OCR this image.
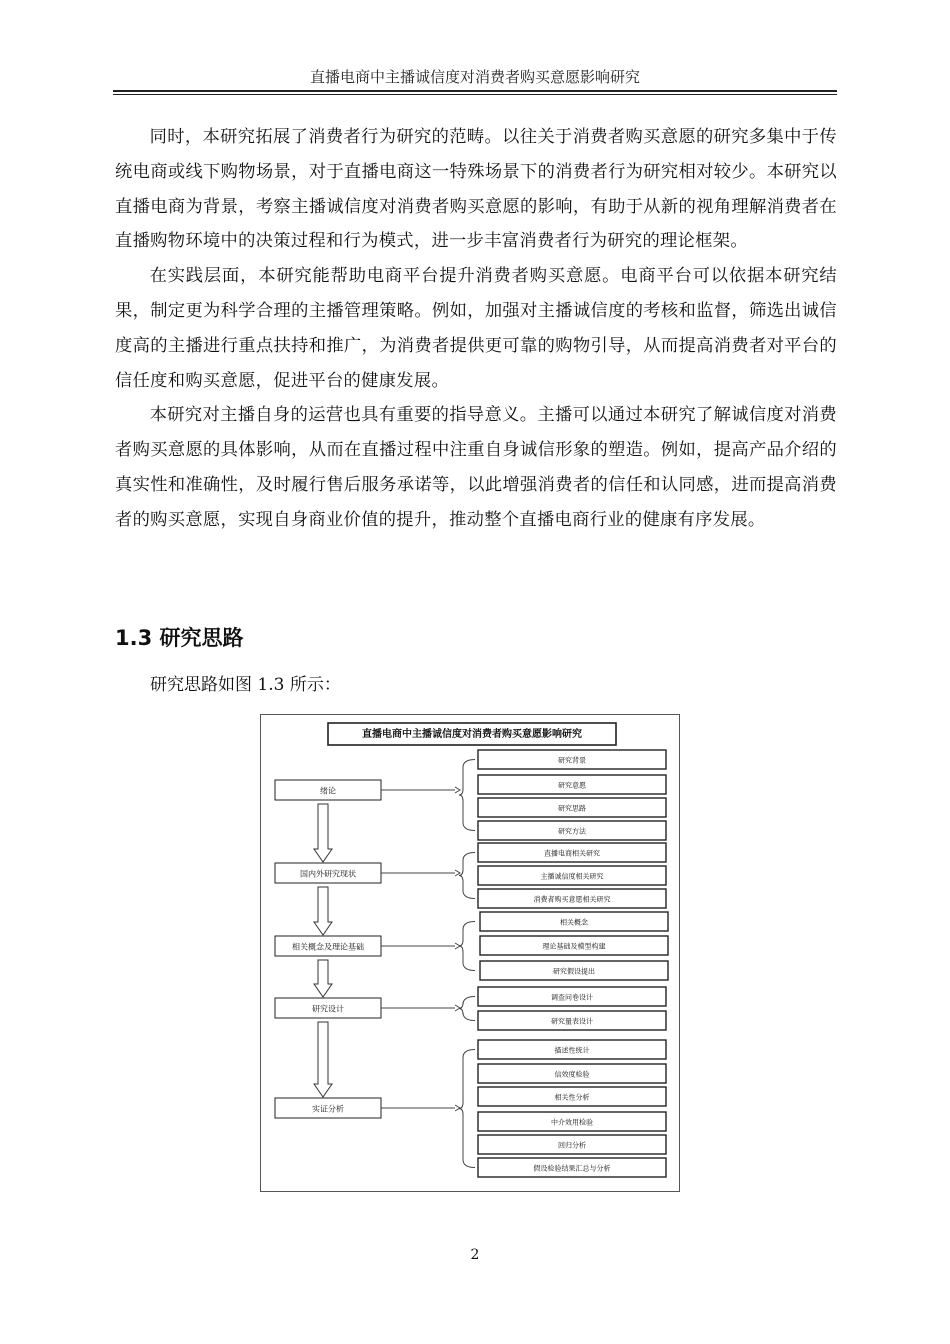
直播电商中主播诚信度对消费者购买意愿影响研究

同时，本研究拓展了消费者行为研究的范畴。以往关于消费者购买意愿的研究多集中于传统电商或线下购物场景，对于直播电商这一特殊场景下的消费者行为研究相对较少。本研究以直播电商为背景，考察主播诚信度对消费者购买意愿的影响，有助于从新的视角理解消费者在直播购物环境中的决策过程和行为模式，进一步丰富消费者行为研究的理论框架。

在实践层面，本研究能帮助电商平台提升消费者购买意愿。电商平台可以依据本研究结果，制定更为科学合理的主播管理策略。例如，加强对主播诚信度的考核和监督，筛选出诚信度高的主播进行重点扶持和推广，为消费者提供更可靠的购物引导，从而提高消费者对平台的信任度和购买意愿，促进平台的健康发展。

本研究对主播自身的运营也具有重要的指导意义。主播可以通过本研究了解诚信度对消费者购买意愿的具体影响，从而在直播过程中注重自身诚信形象的塑造。例如，提高产品介绍的真实性和准确性，及时履行售后服务承诺等，以此增强消费者的信任和认同感，进而提高消费者的购买意愿，实现自身商业价值的提升，推动整个直播电商行业的健康有序发展。

1.3 研究思路
研究思路如图 1.3 所示：
直播电商中主播诚信度对消费者购买意愿影响研究
绪论
研究背景
研究意愿
研究思路
研究方法
国内外研究现状
直播电商相关研究
主播诚信度相关研究
消费者购买意愿相关研究
相关概念及理论基础
相关概念
理论基础及模型构建
研究假设提出
研究设计
调查问卷设计
研究量表设计
实证分析
描述性统计
信效度检验
相关性分析
中介效用检验
回归分析
假设检验结果汇总与分析
2
